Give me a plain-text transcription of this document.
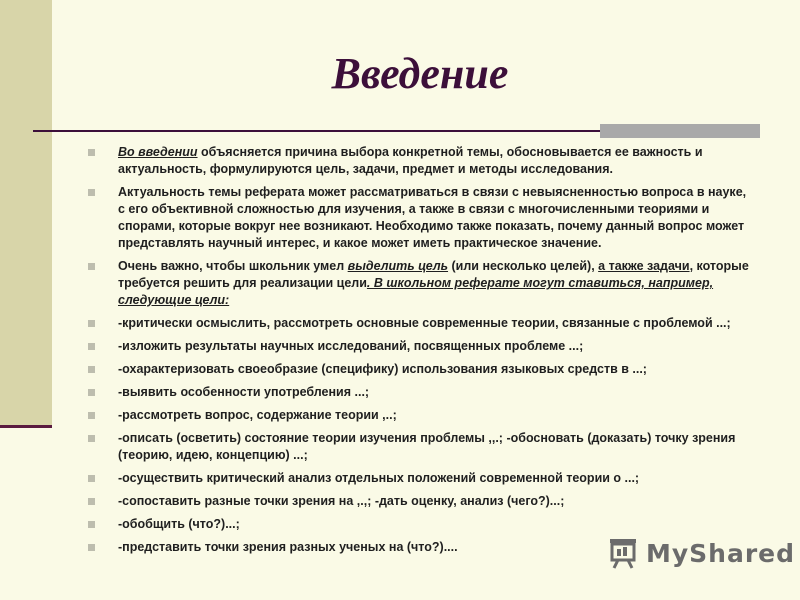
Введение
Во введении объясняется причина выбора конкретной темы, обосновывается ее важность и актуальность, формулируются цель, задачи, предмет и методы исследования.
Актуальность темы реферата может рассматриваться в связи с невыясненностью вопроса в науке, с его объективной сложностью для изучения, а также в связи с многочисленными теориями и спорами, которые вокруг нее возникают. Необходимо также показать, почему данный вопрос может представлять научный интерес, и какое может иметь практическое значение.
Очень важно, чтобы школьник умел выделить цель (или несколько целей), а также задачи, которые требуется решить для реализации цели. В школьном реферате могут ставиться, например, следующие цели:
-критически осмыслить, рассмотреть основные современные теории, связанные с проблемой ...;
-изложить результаты научных исследований, посвященных проблеме ...;
-охарактеризовать своеобразие (специфику) использования языковых средств в ...;
-выявить особенности употребления ...;
-рассмотреть вопрос, содержание теории ,..;
-описать (осветить) состояние теории изучения проблемы ,,.; -обосновать (доказать) точку зрения (теорию, идею, концепцию) ...;
-осуществить критический анализ отдельных положений современной теории о ...;
-сопоставить разные точки зрения на ,.,; -дать оценку, анализ (чего?)...;
-обобщить (что?)...;
-представить точки зрения разных ученых на (что?)....	MyShared
